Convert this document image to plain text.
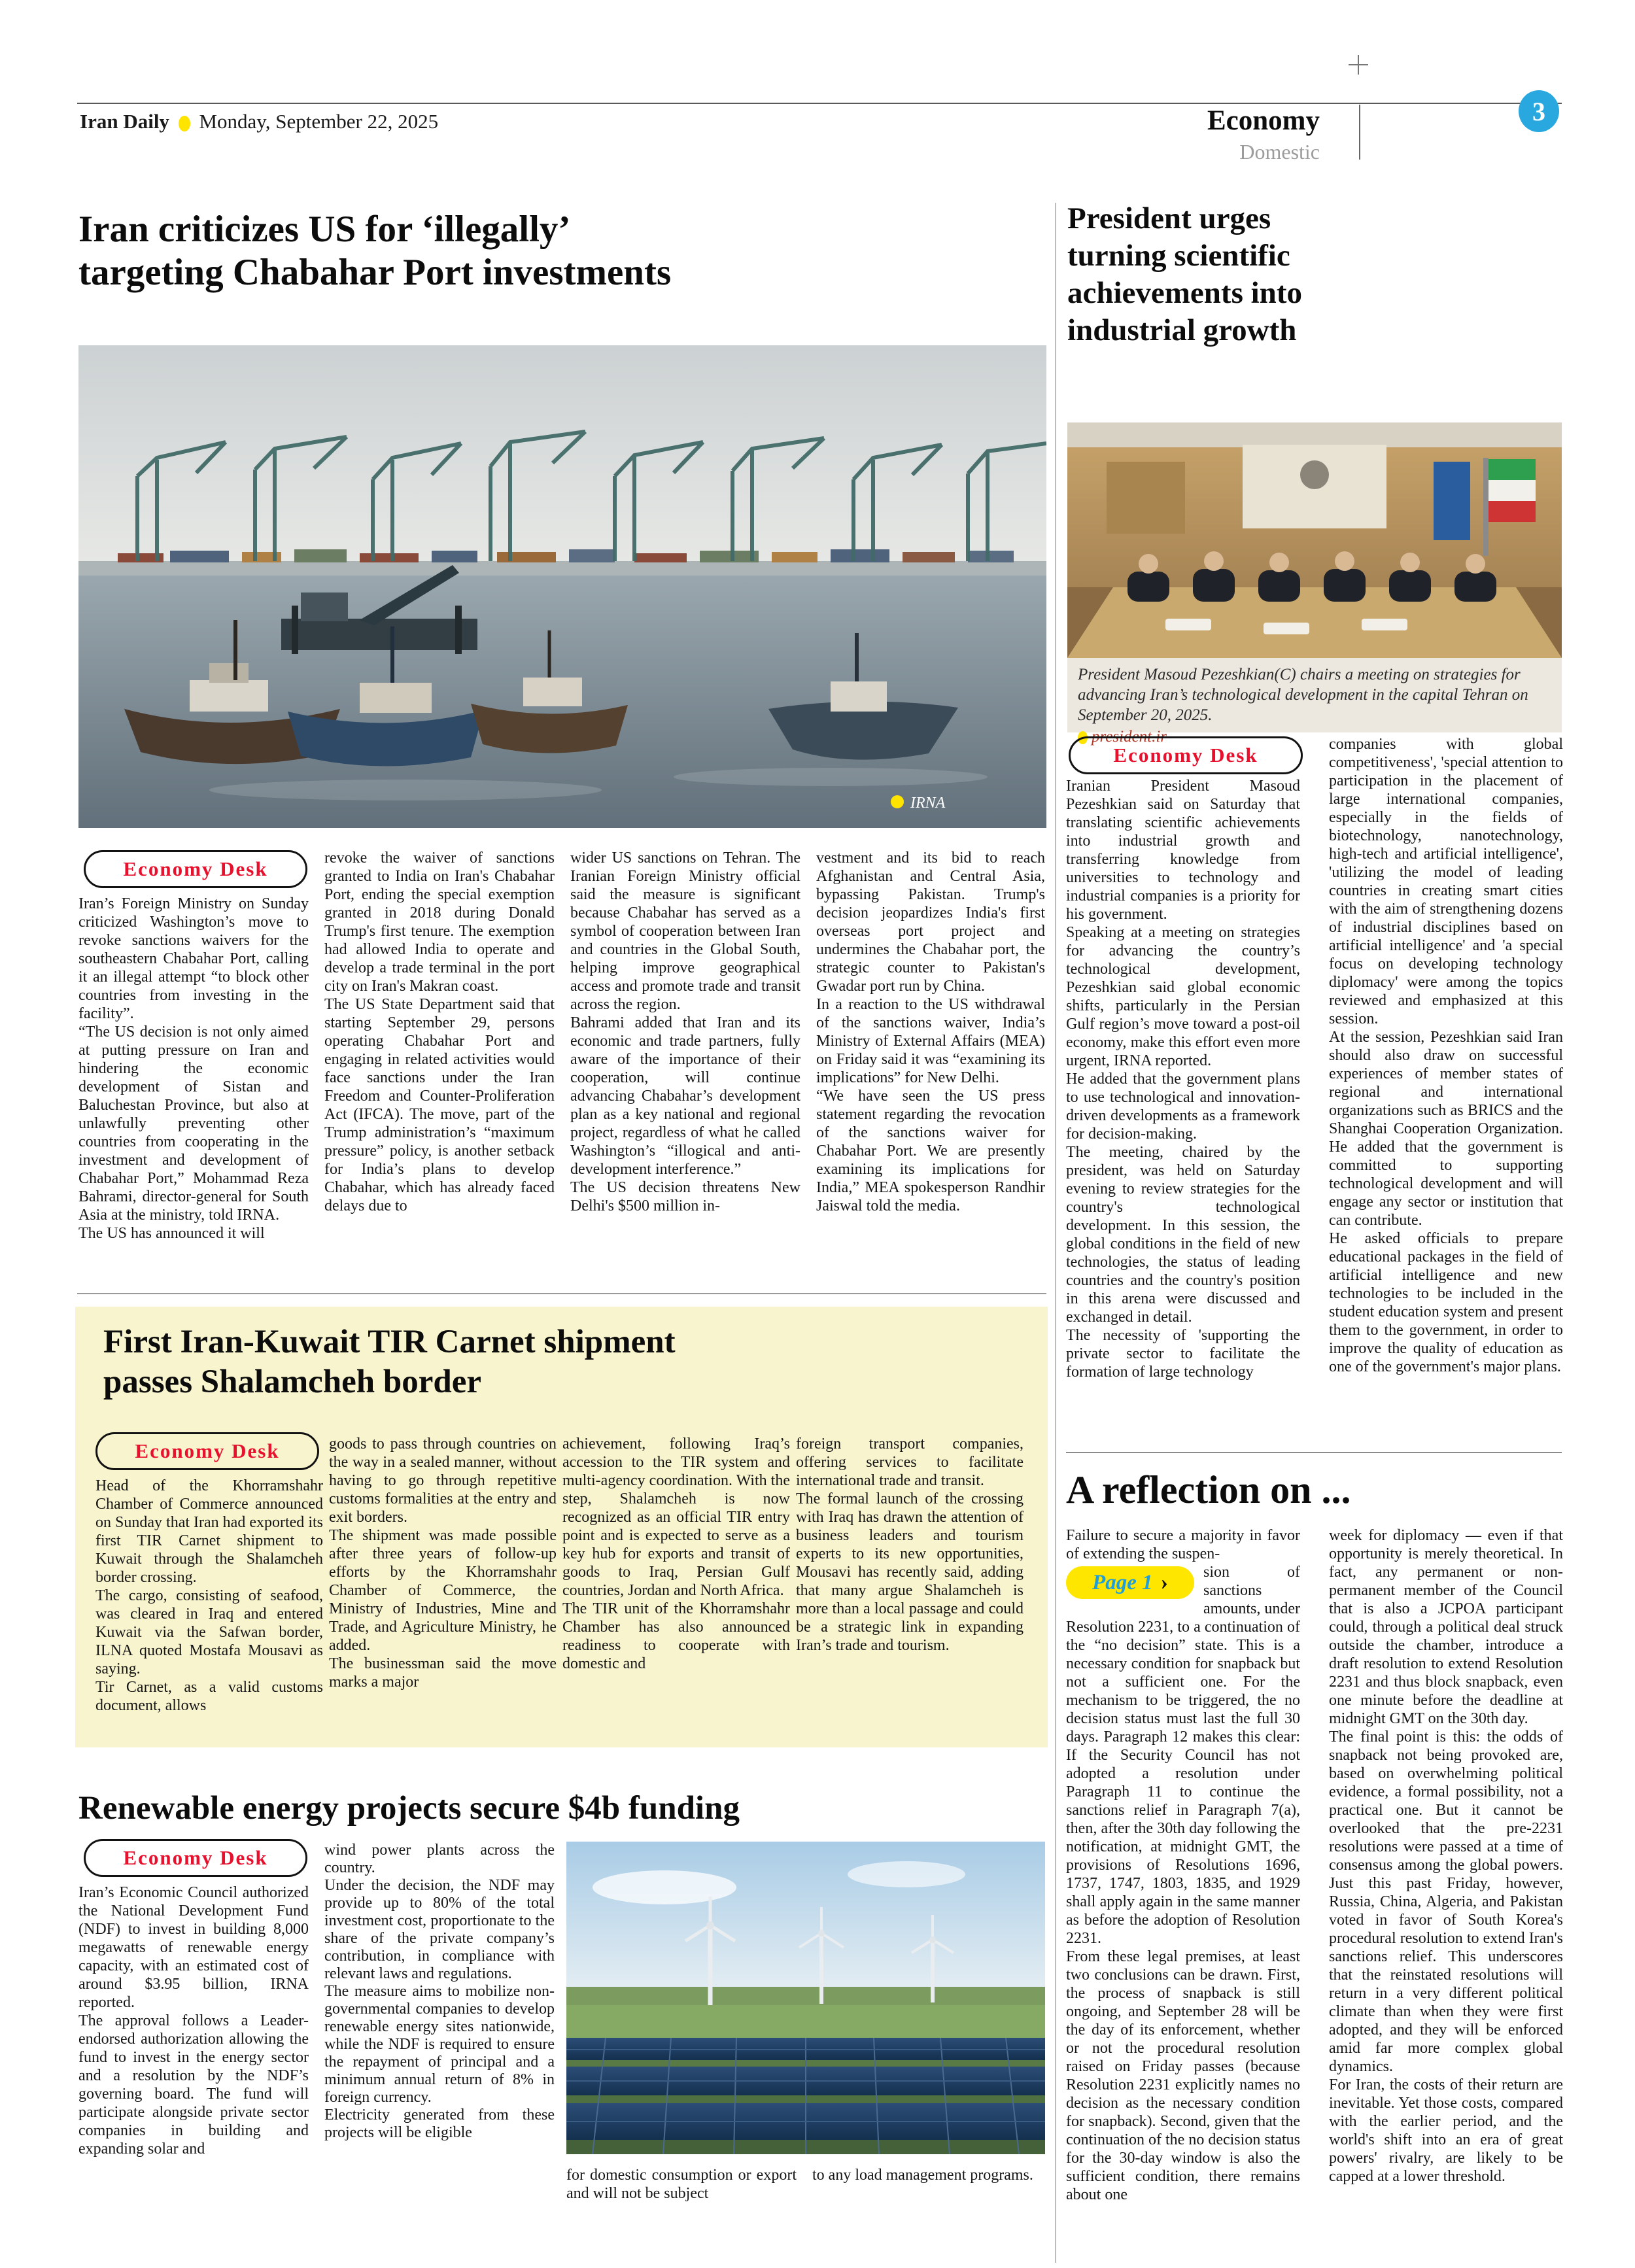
Iran Daily Monday, September 22, 2025	Economy
Domestic
3
Iran criticizes US for ‘illegally’
targeting Chabahar Port investments
IRNA
Economy Desk

Iran’s Foreign Ministry on Sunday criticized Washington’s move to revoke sanctions waivers for the southeastern Chabahar Port, calling it an illegal attempt “to block other countries from investing in the facility”.

“The US decision is not only aimed at putting pressure on Iran and hindering the economic development of Sistan and Baluchestan Province, but also at unlawfully preventing other countries from cooperating in the investment and development of Chabahar Port,” Mohammad Reza Bahrami, director-general for South Asia at the ministry, told IRNA.

The US has announced it will

revoke the waiver of sanctions granted to India on Iran's Chabahar Port, ending the special exemption granted in 2018 during Donald Trump's first tenure. The exemption had allowed India to operate and develop a trade terminal in the port city on Iran's Makran coast.

The US State Department said that starting September 29, persons operating Chabahar Port and engaging in related activities would face sanctions under the Iran Freedom and Counter-Proliferation Act (IFCA). The move, part of the Trump administration’s “maximum pressure” policy, is another setback for India’s plans to develop Chabahar, which has already faced delays due to

wider US sanctions on Tehran. The Iranian Foreign Ministry official said the measure is significant because Chabahar has served as a symbol of cooperation between Iran and countries in the Global South, helping improve geographical access and promote trade and transit across the region.

Bahrami added that Iran and its economic and trade partners, fully aware of the importance of their cooperation, will continue advancing Chabahar’s development plan as a key national and regional project, regardless of what he called Washington’s “illogical and anti-development interference.”

The US decision threatens New Delhi's $500 million in-

vestment and its bid to reach Afghanistan and Central Asia, bypassing Pakistan. Trump's decision jeopardizes India's first overseas port project and undermines the Chabahar port, the strategic counter to Pakistan's Gwadar port run by China.

In a reaction to the US withdrawal of the sanctions waiver, India’s Ministry of External Affairs (MEA) on Friday said it was “examining its implications” for New Delhi.

“We have seen the US press statement regarding the revocation of the sanctions waiver for Chabahar Port. We are presently examining its implications for India,” MEA spokesperson Randhir Jaiswal told the media.

First Iran-Kuwait TIR Carnet shipment
passes Shalamcheh border
Economy Desk

Head of the Khorramshahr Chamber of Commerce announced on Sunday that Iran had exported its first TIR Carnet shipment to Kuwait through the Shalamcheh border crossing.

The cargo, consisting of seafood, was cleared in Iraq and entered Kuwait via the Safwan border, ILNA quoted Mostafa Mousavi as saying.

Tir Carnet, as a valid customs document, allows

goods to pass through countries on the way in a sealed manner, without having to go through repetitive customs formalities at the entry and exit borders.

The shipment was made possible after three years of follow-up efforts by the Khorramshahr Chamber of Commerce, the Ministry of Industries, Mine and Trade, and Agriculture Ministry, he added.

The businessman said the move marks a major

achievement, following Iraq’s accession to the TIR system and multi-agency coordination. With the step, Shalamcheh is now recognized as an official TIR entry point and is expected to serve as a key hub for exports and transit of goods to Iraq, Persian Gulf countries, Jordan and North Africa.

The TIR unit of the Khorramshahr Chamber has also announced readiness to cooperate with domestic and

foreign transport companies, offering services to facilitate international trade and transit.

The formal launch of the crossing with Iraq has drawn the attention of business leaders and tourism experts to its new opportunities, Mousavi has recently said, adding that many argue Shalamcheh is more than a local passage and could be a strategic link in expanding Iran’s trade and tourism.

Renewable energy projects secure $4b funding
Economy Desk

Iran’s Economic Council authorized the National Development Fund (NDF) to invest in building 8,000 megawatts of renewable energy capacity, with an estimated cost of around $3.95 billion, IRNA reported.

The approval follows a Leader-endorsed authorization allowing the fund to invest in the energy sector and a resolution by the NDF’s governing board. The fund will participate alongside private sector companies in building and expanding solar and

wind power plants across the country.

Under the decision, the NDF may provide up to 80% of the total investment cost, proportionate to the share of the private company’s contribution, in compliance with relevant laws and regulations.

The measure aims to mobilize non-governmental companies to develop renewable energy sites nationwide, while the NDF is required to ensure the repayment of principal and a minimum annual return of 8% in foreign currency.

Electricity generated from these projects will be eligible

for domestic consumption or export and will not be subject

to any load management programs.

President urges
turning scientific
achievements into
industrial growth
President Masoud Pezeshkian(C) chairs a meeting on strategies for advancing Iran’s technological development in the capital Tehran on September 20, 2025.
president.ir
Economy Desk

Iranian President Masoud Pezeshkian said on Saturday that translating scientific achievements into industrial growth and transferring knowledge from universities to technology and industrial companies is a priority for his government.

Speaking at a meeting on strategies for advancing the country’s technological development, Pezeshkian said global economic shifts, particularly in the Persian Gulf region’s move toward a post-oil economy, make this effort even more urgent, IRNA reported.

He added that the government plans to use technological and innovation-driven developments as a framework for decision-making.

The meeting, chaired by the president, was held on Saturday evening to review strategies for the country's technological development. In this session, the global conditions in the field of new technologies, the status of leading countries and the country's position in this arena were discussed and exchanged in detail.

The necessity of 'supporting the private sector to facilitate the formation of large technology

companies with global competitiveness', 'special attention to participation in the placement of large international companies, especially in the fields of biotechnology, nanotechnology, high-tech and artificial intelligence', 'utilizing the model of leading countries in creating smart cities with the aim of strengthening dozens of industrial disciplines based on artificial intelligence' and 'a special focus on developing technology diplomacy' were among the topics reviewed and emphasized at this session.

At the session, Pezeshkian said Iran should also draw on successful experiences of member states of regional and international organizations such as BRICS and the Shanghai Cooperation Organization. He added that the government is committed to supporting technological development and will engage any sector or institution that can contribute.

He asked officials to prepare educational packages in the field of artificial intelligence and new technologies to be included in the student education system and present them to the government, in order to improve the quality of education as one of the government's major plans.

A reflection on ...

Failure to secure a majority in favor of extending the suspen-

Page 1 › sion of sanctions amounts, under Resolution 2231, to a continuation of the “no decision” state. This is a necessary condition for snapback but not a sufficient one. For the mechanism to be triggered, the no decision status must last the full 30 days. Paragraph 12 makes this clear: If the Security Council has not adopted a resolution under Paragraph 11 to continue the sanctions relief in Paragraph 7(a), then, after the 30th day following the notification, at midnight GMT, the provisions of Resolutions 1696, 1737, 1747, 1803, 1835, and 1929 shall apply again in the same manner as before the adoption of Resolution 2231.

From these legal premises, at least two conclusions can be drawn. First, the process of snapback is still ongoing, and September 28 will be the day of its enforcement, whether or not the procedural resolution raised on Friday passes (because Resolution 2231 explicitly names no decision as the necessary condition for snapback). Second, given that the continuation of the no decision status for the 30-day window is also the sufficient condition, there remains about one

week for diplomacy — even if that opportunity is merely theoretical. In fact, any permanent or non-permanent member of the Council that is also a JCPOA participant could, through a political deal struck outside the chamber, introduce a draft resolution to extend Resolution 2231 and thus block snapback, even one minute before the deadline at midnight GMT on the 30th day.

The final point is this: the odds of snapback not being provoked are, based on overwhelming political evidence, a formal possibility, not a practical one. But it cannot be overlooked that the pre-2231 resolutions were passed at a time of consensus among the global powers. Just this past Friday, however, Russia, China, Algeria, and Pakistan voted in favor of South Korea's procedural resolution to extend Iran's sanctions relief. This underscores that the reinstated resolutions will return in a very different political climate than when they were first adopted, and they will be enforced amid far more complex global dynamics.

For Iran, the costs of their return are inevitable. Yet those costs, compared with the earlier period, and the world's shift into an era of great powers' rivalry, are likely to be capped at a lower threshold.
